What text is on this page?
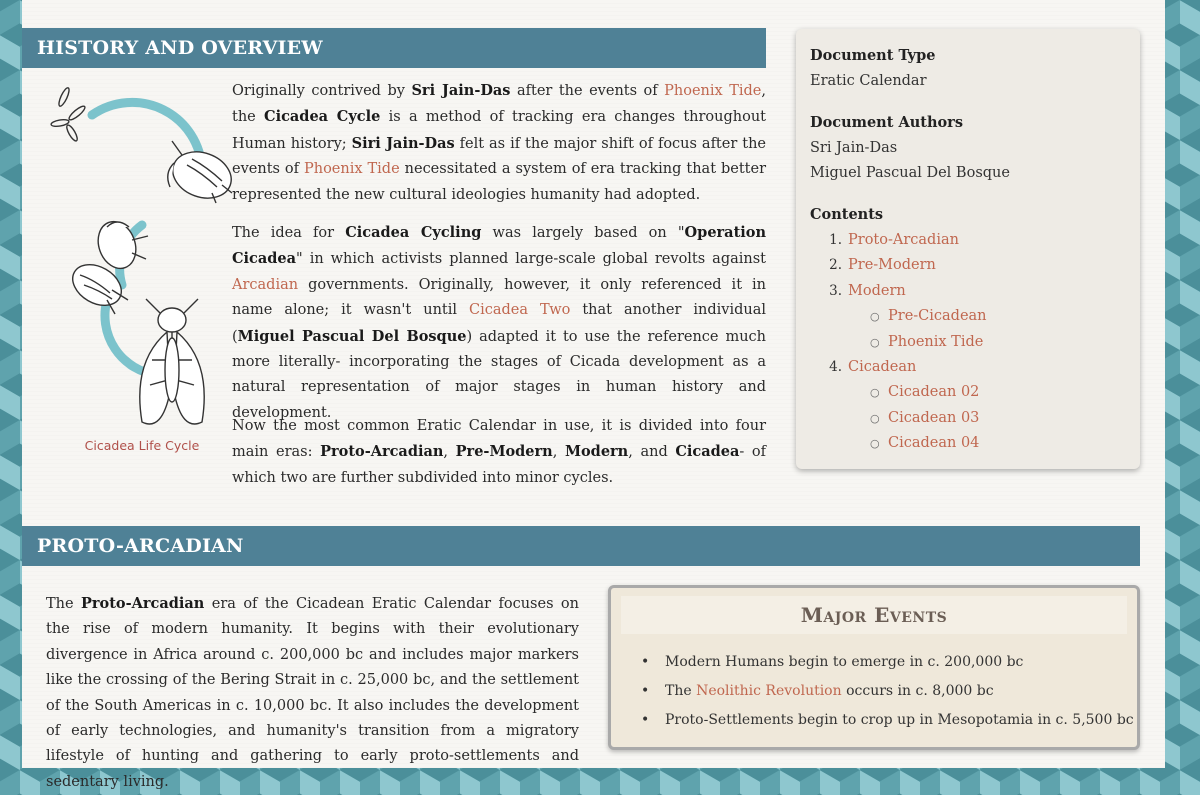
HISTORY AND OVERVIEW
Cicadea Life Cycle
Originally contrived by Sri Jain-Das after the events of Phoenix Tide, the Cicadea Cycle is a method of tracking era changes throughout Human history; Siri Jain-Das felt as if the major shift of focus after the events of Phoenix Tide necessitated a system of era tracking that better represented the new cultural ideologies humanity had adopted.
The idea for Cicadea Cycling was largely based on "Operation Cicadea" in which activists planned large-scale global revolts against Arcadian governments. Originally, however, it only referenced it in name alone; it wasn't until Cicadea Two that another individual (Miguel Pascual Del Bosque) adapted it to use the reference much more literally- incorporating the stages of Cicada development as a natural representation of major stages in human history and development.
Now the most common Eratic Calendar in use, it is divided into four main eras: Proto-Arcadian, Pre-Modern, Modern, and Cicadea- of which two are further subdivided into minor cycles.
Document Type
Eratic Calendar
Document Authors
Sri Jain-Das
Miguel Pascual Del Bosque
Contents
1. Proto-Arcadian
2. Pre-Modern
3. Modern
○ Pre-Cicadean
○ Phoenix Tide
4. Cicadean
○ Cicadean 02
○ Cicadean 03
○ Cicadean 04
PROTO-ARCADIAN
The Proto-Arcadian era of the Cicadean Eratic Calendar focuses on the rise of modern humanity. It begins with their evolutionary divergence in Africa around c. 200,000 bc and includes major markers like the crossing of the Bering Strait in c. 25,000 bc, and the settlement of the South Americas in c. 10,000 bc. It also includes the development of early technologies, and humanity's transition from a migratory lifestyle of hunting and gathering to early proto-settlements and sedentary living.
Major Events
• Modern Humans begin to emerge in c. 200,000 bc
• The Neolithic Revolution occurs in c. 8,000 bc
• Proto-Settlements begin to crop up in Mesopotamia in c. 5,500 bc
